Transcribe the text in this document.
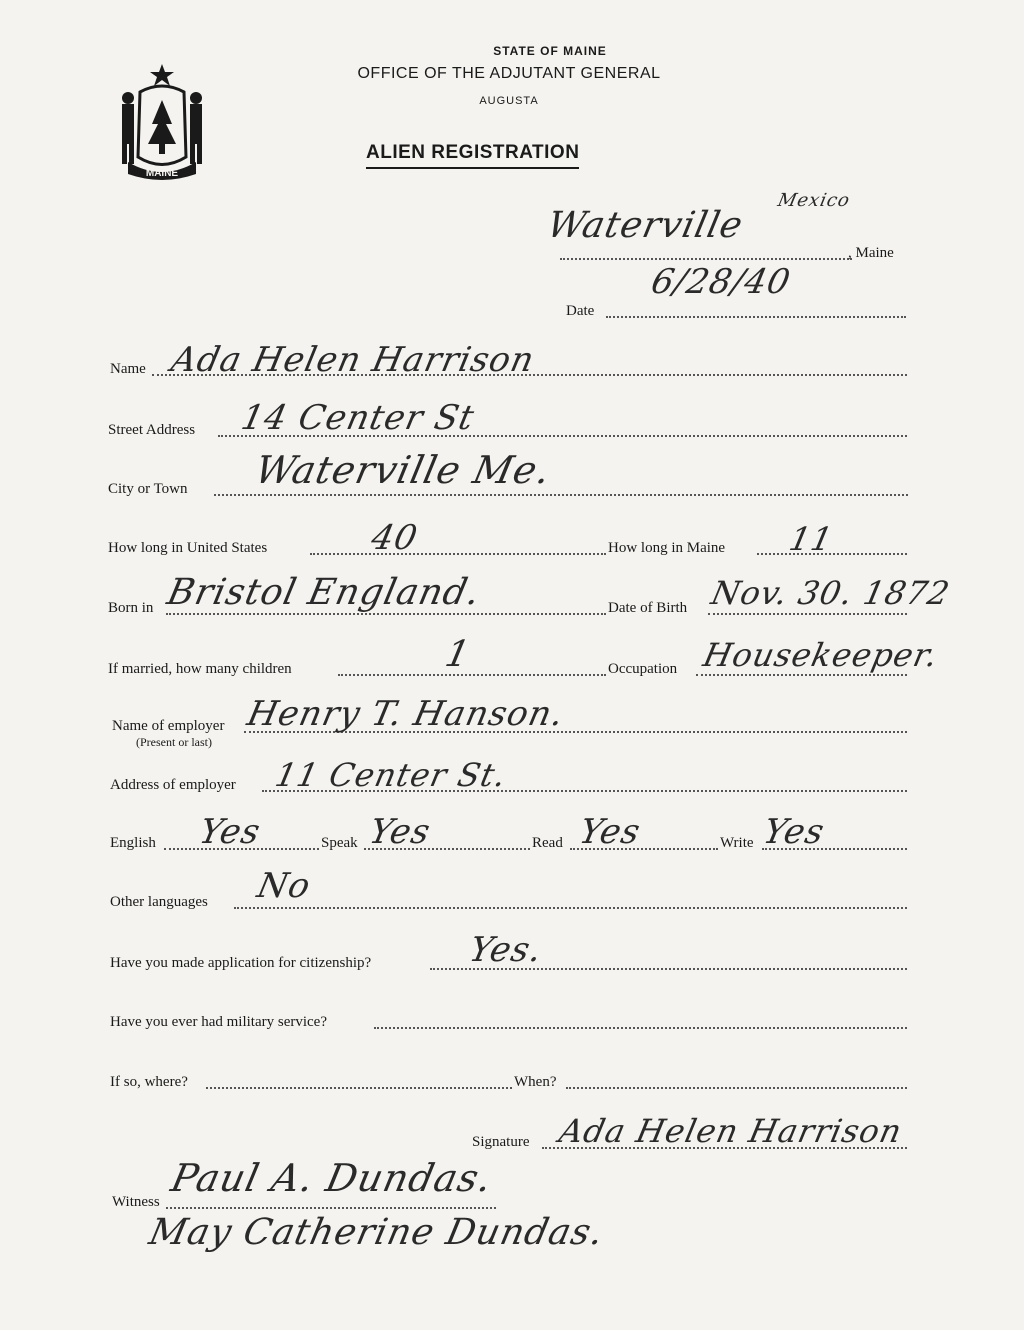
MAINE
STATE OF MAINE
OFFICE OF THE ADJUTANT GENERAL
AUGUSTA
ALIEN REGISTRATION
Waterville
Mexico
, Maine
Date
6/28/40
Name Ada Helen Harrison
Street Address 14 Center St
City or Town Waterville Me.
How long in United States	40	How long in Maine 11
Born in Bristol England.	Date of Birth Nov. 30. 1872
If married, how many children	1	Occupation Housekeeper.
Name of employer
(Present or last)
Henry T. Hanson.
Address of employer 11 Center St.
English Yes	Speak Yes	Read Yes	Write Yes
Other languages No
Have you made application for citizenship?	Yes.
Have you ever had military service?
If so, where?	When?
Signature Ada Helen Harrison
Witness
Paul A. Dundas.
May Catherine Dundas.
